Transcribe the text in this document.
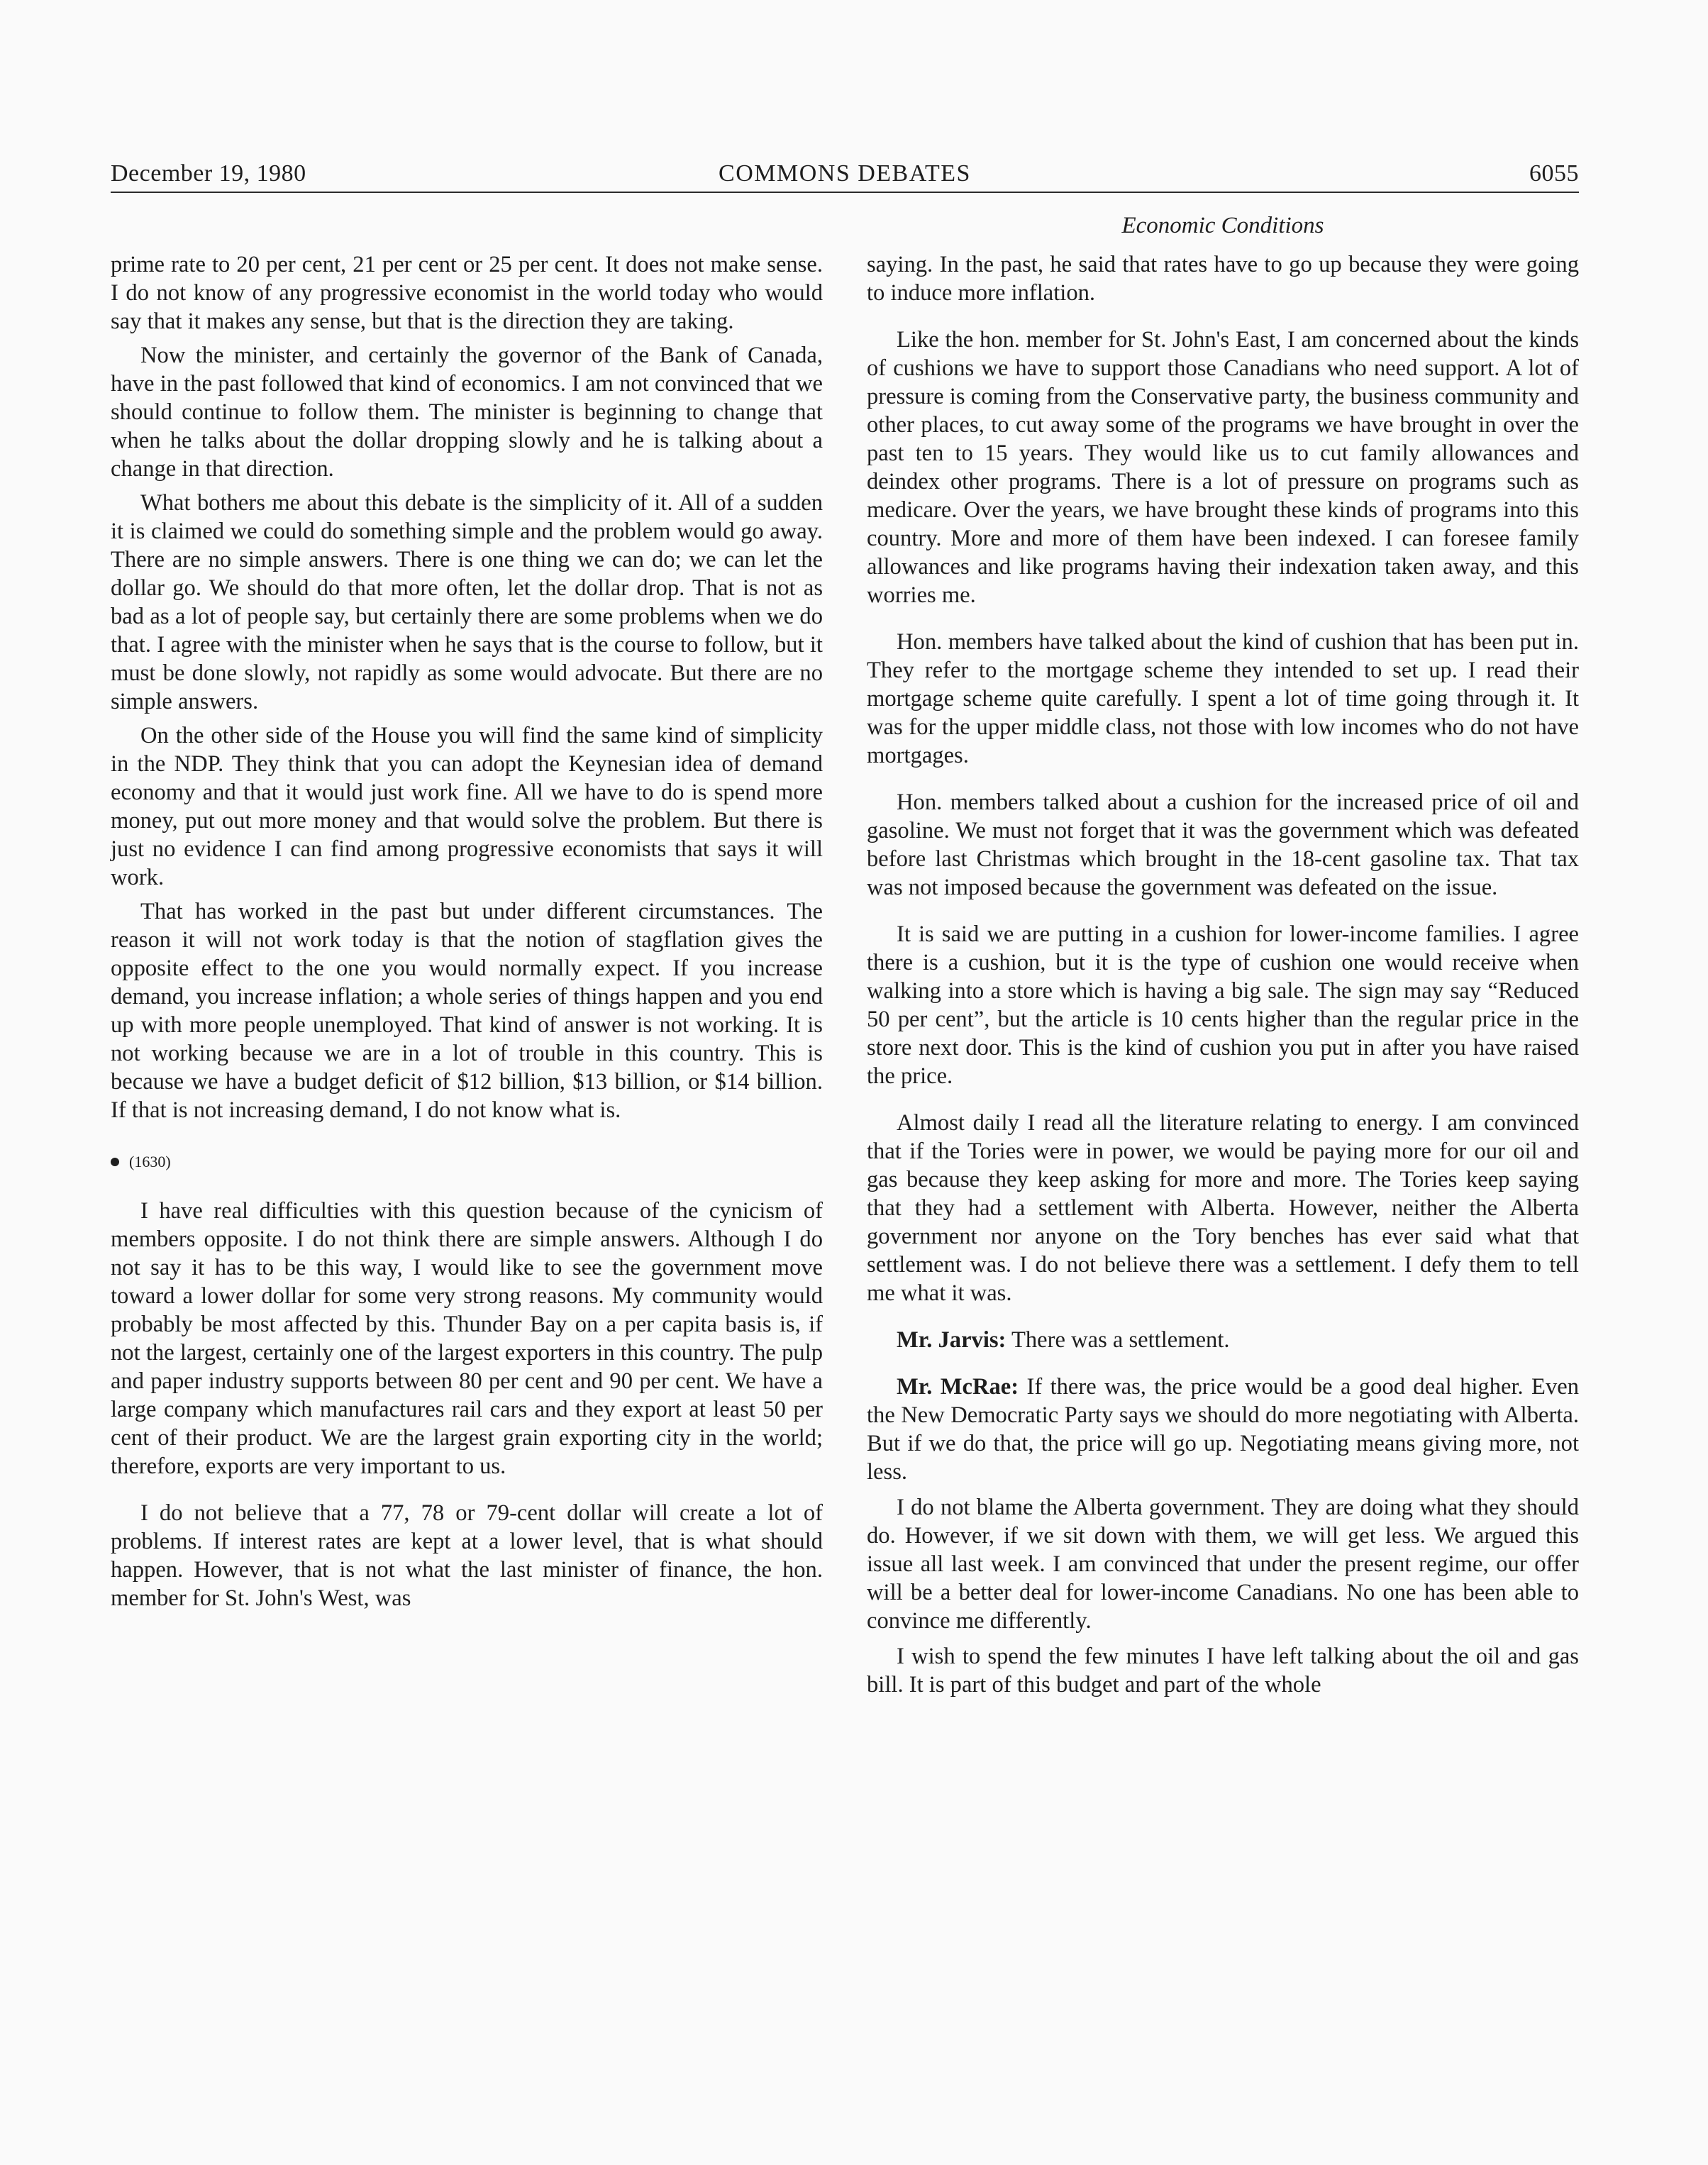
December 19, 1980	COMMONS DEBATES	6055
Economic Conditions

prime rate to 20 per cent, 21 per cent or 25 per cent. It does not make sense. I do not know of any progressive economist in the world today who would say that it makes any sense, but that is the direction they are taking.

Now the minister, and certainly the governor of the Bank of Canada, have in the past followed that kind of economics. I am not convinced that we should continue to follow them. The minister is beginning to change that when he talks about the dollar dropping slowly and he is talking about a change in that direction.

What bothers me about this debate is the simplicity of it. All of a sudden it is claimed we could do something simple and the problem would go away. There are no simple answers. There is one thing we can do; we can let the dollar go. We should do that more often, let the dollar drop. That is not as bad as a lot of people say, but certainly there are some problems when we do that. I agree with the minister when he says that is the course to follow, but it must be done slowly, not rapidly as some would advocate. But there are no simple answers.

On the other side of the House you will find the same kind of simplicity in the NDP. They think that you can adopt the Keynesian idea of demand economy and that it would just work fine. All we have to do is spend more money, put out more money and that would solve the problem. But there is just no evidence I can find among progressive economists that says it will work.

That has worked in the past but under different circumstances. The reason it will not work today is that the notion of stagflation gives the opposite effect to the one you would normally expect. If you increase demand, you increase inflation; a whole series of things happen and you end up with more people unemployed. That kind of answer is not working. It is not working because we are in a lot of trouble in this country. This is because we have a budget deficit of $12 billion, $13 billion, or $14 billion. If that is not increasing demand, I do not know what is.

(1630)

I have real difficulties with this question because of the cynicism of members opposite. I do not think there are simple answers. Although I do not say it has to be this way, I would like to see the government move toward a lower dollar for some very strong reasons. My community would probably be most affected by this. Thunder Bay on a per capita basis is, if not the largest, certainly one of the largest exporters in this country. The pulp and paper industry supports between 80 per cent and 90 per cent. We have a large company which manufactures rail cars and they export at least 50 per cent of their product. We are the largest grain exporting city in the world; therefore, exports are very important to us.

I do not believe that a 77, 78 or 79-cent dollar will create a lot of problems. If interest rates are kept at a lower level, that is what should happen. However, that is not what the last minister of finance, the hon. member for St. John's West, was

saying. In the past, he said that rates have to go up because they were going to induce more inflation.

Like the hon. member for St. John's East, I am concerned about the kinds of cushions we have to support those Canadians who need support. A lot of pressure is coming from the Conservative party, the business community and other places, to cut away some of the programs we have brought in over the past ten to 15 years. They would like us to cut family allowances and deindex other programs. There is a lot of pressure on programs such as medicare. Over the years, we have brought these kinds of programs into this country. More and more of them have been indexed. I can foresee family allowances and like programs having their indexation taken away, and this worries me.

Hon. members have talked about the kind of cushion that has been put in. They refer to the mortgage scheme they intended to set up. I read their mortgage scheme quite carefully. I spent a lot of time going through it. It was for the upper middle class, not those with low incomes who do not have mortgages.

Hon. members talked about a cushion for the increased price of oil and gasoline. We must not forget that it was the government which was defeated before last Christmas which brought in the 18-cent gasoline tax. That tax was not imposed because the government was defeated on the issue.

It is said we are putting in a cushion for lower-income families. I agree there is a cushion, but it is the type of cushion one would receive when walking into a store which is having a big sale. The sign may say “Reduced 50 per cent”, but the article is 10 cents higher than the regular price in the store next door. This is the kind of cushion you put in after you have raised the price.

Almost daily I read all the literature relating to energy. I am convinced that if the Tories were in power, we would be paying more for our oil and gas because they keep asking for more and more. The Tories keep saying that they had a settlement with Alberta. However, neither the Alberta government nor anyone on the Tory benches has ever said what that settlement was. I do not believe there was a settlement. I defy them to tell me what it was.

Mr. Jarvis: There was a settlement.

Mr. McRae: If there was, the price would be a good deal higher. Even the New Democratic Party says we should do more negotiating with Alberta. But if we do that, the price will go up. Negotiating means giving more, not less.

I do not blame the Alberta government. They are doing what they should do. However, if we sit down with them, we will get less. We argued this issue all last week. I am convinced that under the present regime, our offer will be a better deal for lower-income Canadians. No one has been able to convince me differently.

I wish to spend the few minutes I have left talking about the oil and gas bill. It is part of this budget and part of the whole
